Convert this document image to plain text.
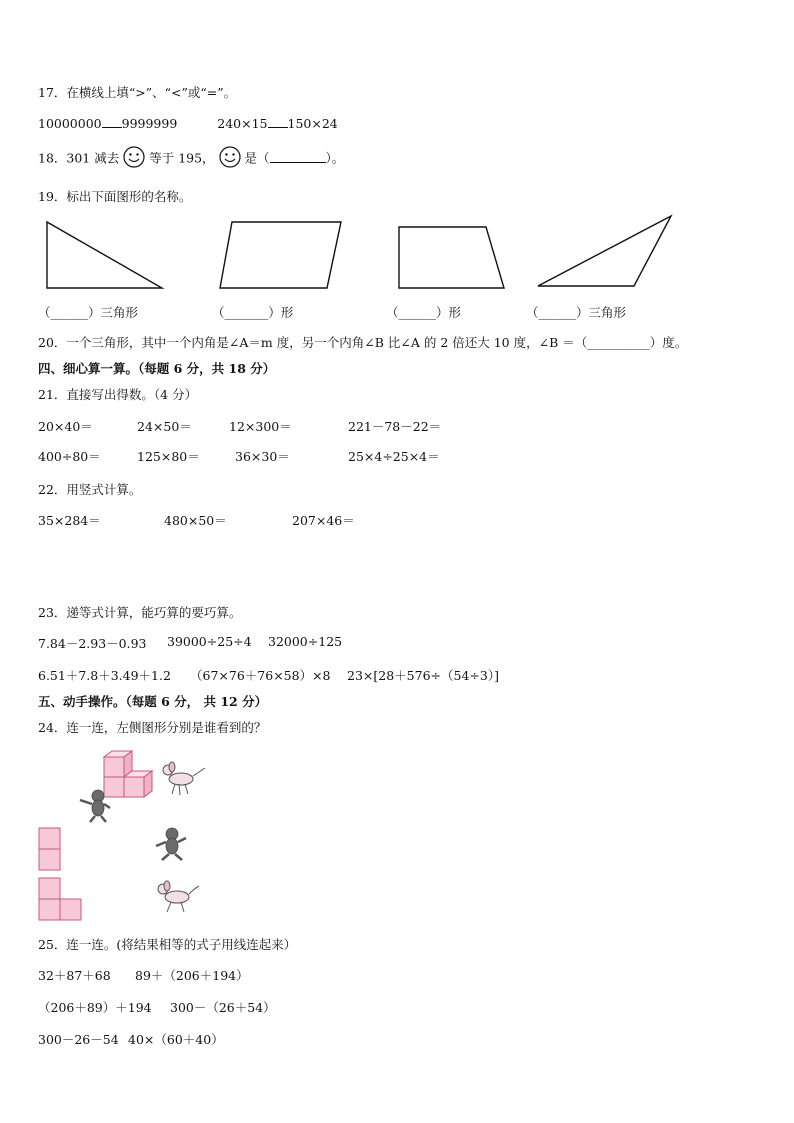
17．在横线上填“>”、“<”或“=”。
10000000 9999999	240×15 150×24
18．301 减去 等于 195， 是（	）。
19．标出下面图形的名称。
（______）三角形	（_______）形	（______）形	（______）三角形
20．一个三角形，其中一个内角是∠A＝m 度，另一个内角∠B 比∠A 的 2 倍还大 10 度，∠B ＝（__________）度。
四、细心算一算。（每题 6 分，共 18 分）
21．直接写出得数。（4 分）
20×40＝	24×50＝	12×300＝	221－78－22＝
400÷80＝	125×80＝	36×30＝	25×4÷25×4＝
22．用竖式计算。
35×284＝	480×50＝	207×46＝
23．递等式计算，能巧算的要巧算。
7.84－2.93－0.93 39000÷25÷4 32000÷125
6.51＋7.8＋3.49＋1.2 （67×76＋76×58）×8 23×[28＋576÷（54÷3）]
五、动手操作。（每题 6 分， 共 12 分）
24．连一连，左侧图形分别是谁看到的？
25．连一连。(将结果相等的式子用线连起来）
32＋87＋68 89＋（206＋194）
（206＋89）＋194 300－（26＋54）
300－26－54 40×（60＋40）
